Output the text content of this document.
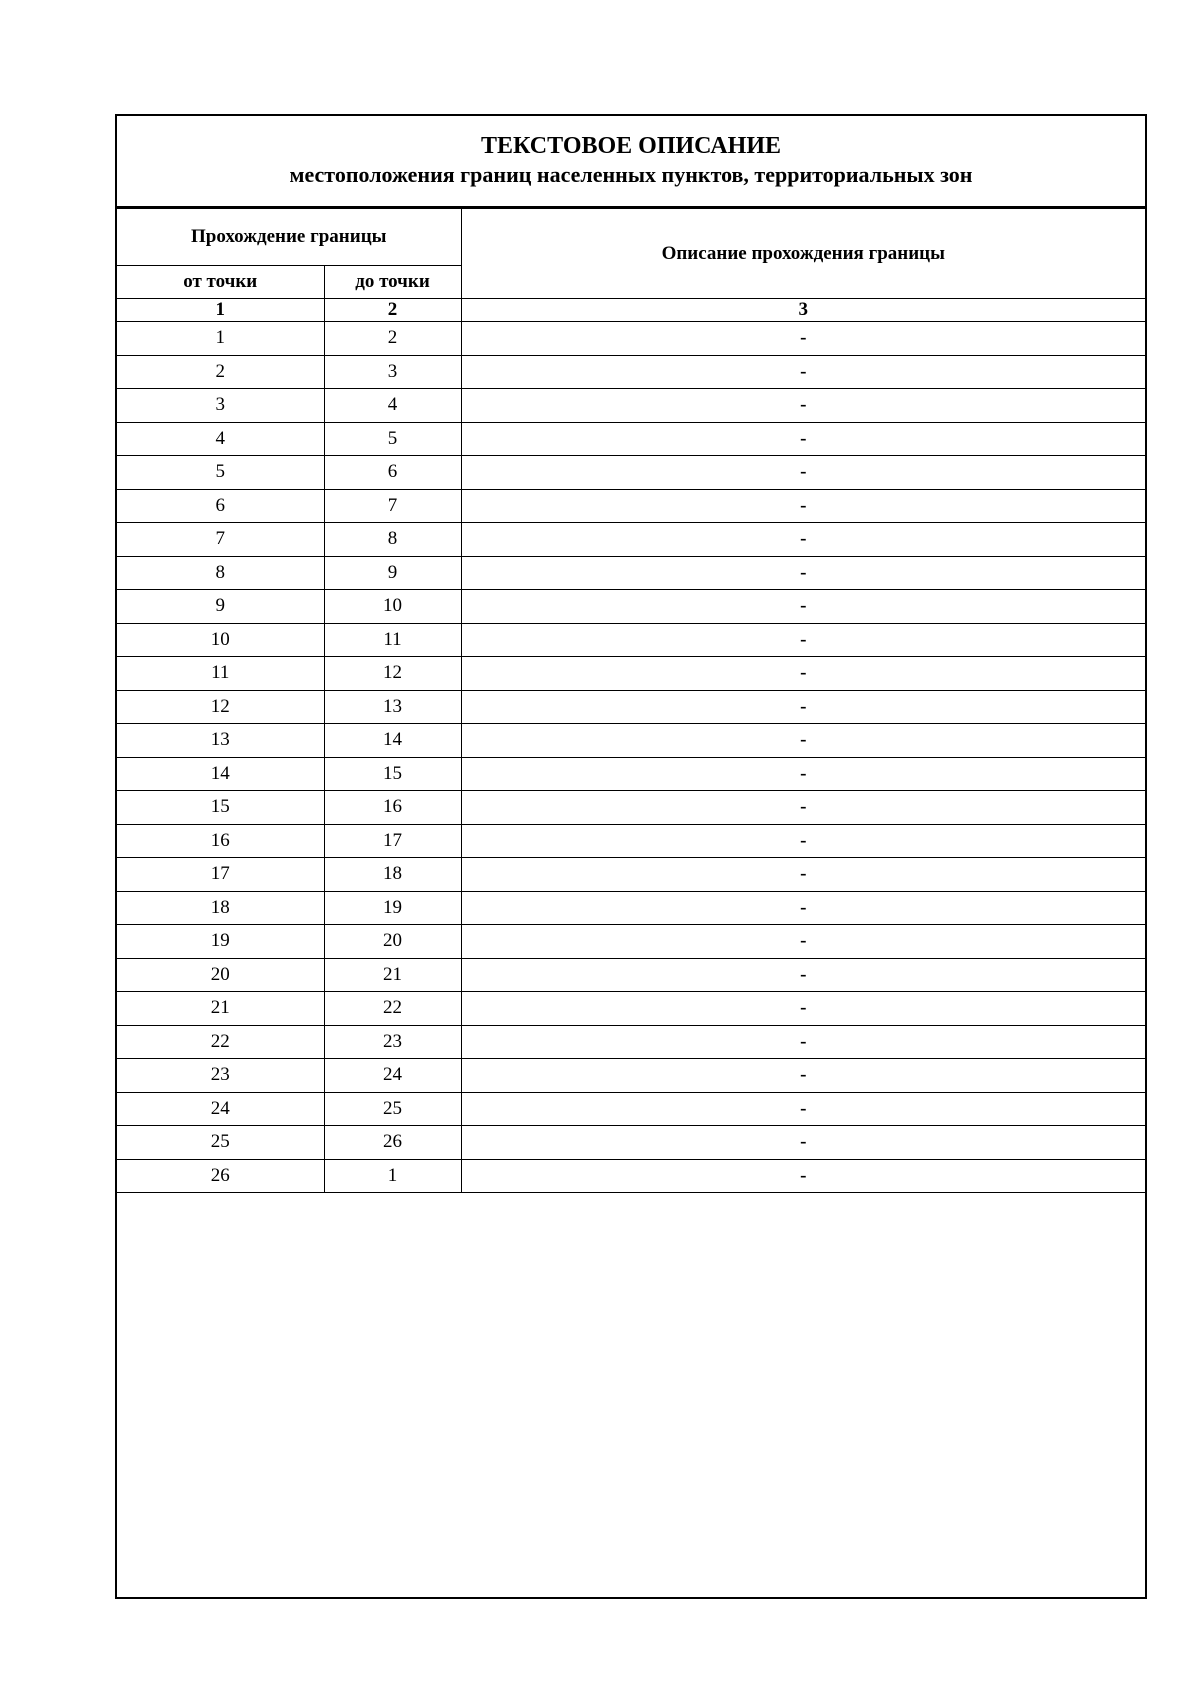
ТЕКСТОВОЕ ОПИСАНИЕ
местоположения границ населенных пунктов, территориальных зон
Прохождение границы		Описание прохождения границы
от точки	до точки	
1	2	3
1	2	-
2	3	-
3	4	-
4	5	-
5	6	-
6	7	-
7	8	-
8	9	-
9	10	-
10	11	-
11	12	-
12	13	-
13	14	-
14	15	-
15	16	-
16	17	-
17	18	-
18	19	-
19	20	-
20	21	-
21	22	-
22	23	-
23	24	-
24	25	-
25	26	-
26	1	-
